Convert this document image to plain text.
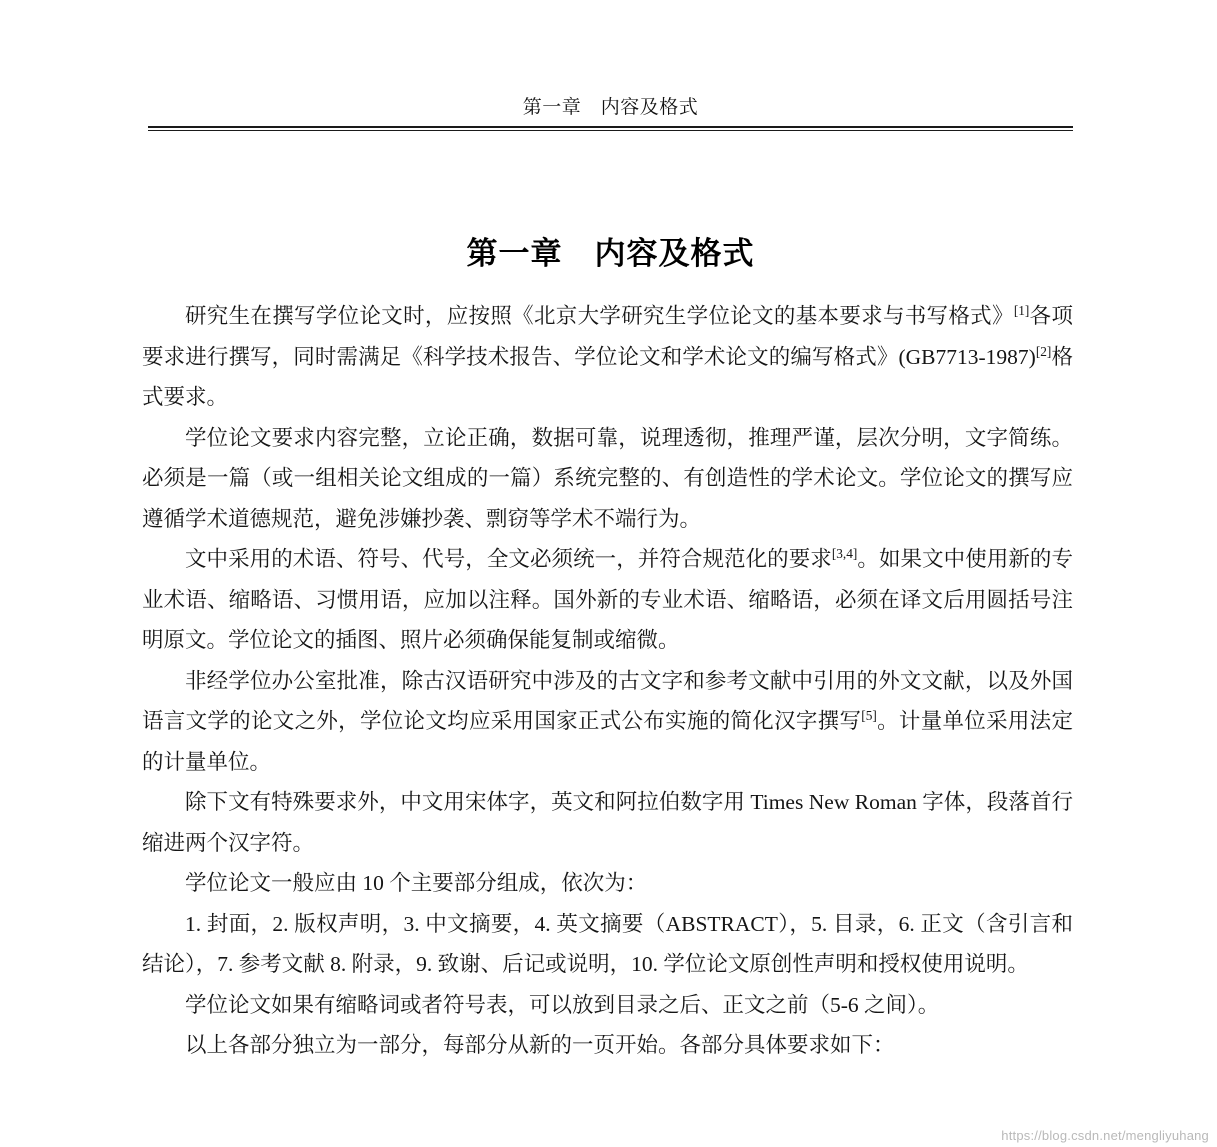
第一章　内容及格式
第一章　内容及格式

研究生在撰写学位论文时，应按照《北京大学研究生学位论文的基本要求与书写格式》[1]各项要求进行撰写，同时需满足《科学技术报告、学位论文和学术论文的编写格式》(GB7713-1987)[2]格式要求。

学位论文要求内容完整，立论正确，数据可靠，说理透彻，推理严谨，层次分明，文字简练。必须是一篇（或一组相关论文组成的一篇）系统完整的、有创造性的学术论文。学位论文的撰写应遵循学术道德规范，避免涉嫌抄袭、剽窃等学术不端行为。

文中采用的术语、符号、代号，全文必须统一，并符合规范化的要求[3,4]。如果文中使用新的专业术语、缩略语、习惯用语，应加以注释。国外新的专业术语、缩略语，必须在译文后用圆括号注明原文。学位论文的插图、照片必须确保能复制或缩微。

非经学位办公室批准，除古汉语研究中涉及的古文字和参考文献中引用的外文文献，以及外国语言文学的论文之外，学位论文均应采用国家正式公布实施的简化汉字撰写[5]。计量单位采用法定的计量单位。

除下文有特殊要求外，中文用宋体字，英文和阿拉伯数字用 Times New Roman 字体，段落首行缩进两个汉字符。

学位论文一般应由 10 个主要部分组成，依次为：

1. 封面，2. 版权声明，3. 中文摘要，4. 英文摘要（ABSTRACT），5. 目录，6. 正文（含引言和结论），7. 参考文献 8. 附录，9. 致谢、后记或说明，10. 学位论文原创性声明和授权使用说明。

学位论文如果有缩略词或者符号表，可以放到目录之后、正文之前（5-6 之间）。

以上各部分独立为一部分，每部分从新的一页开始。各部分具体要求如下：

https://blog.csdn.net/mengliyuhang
